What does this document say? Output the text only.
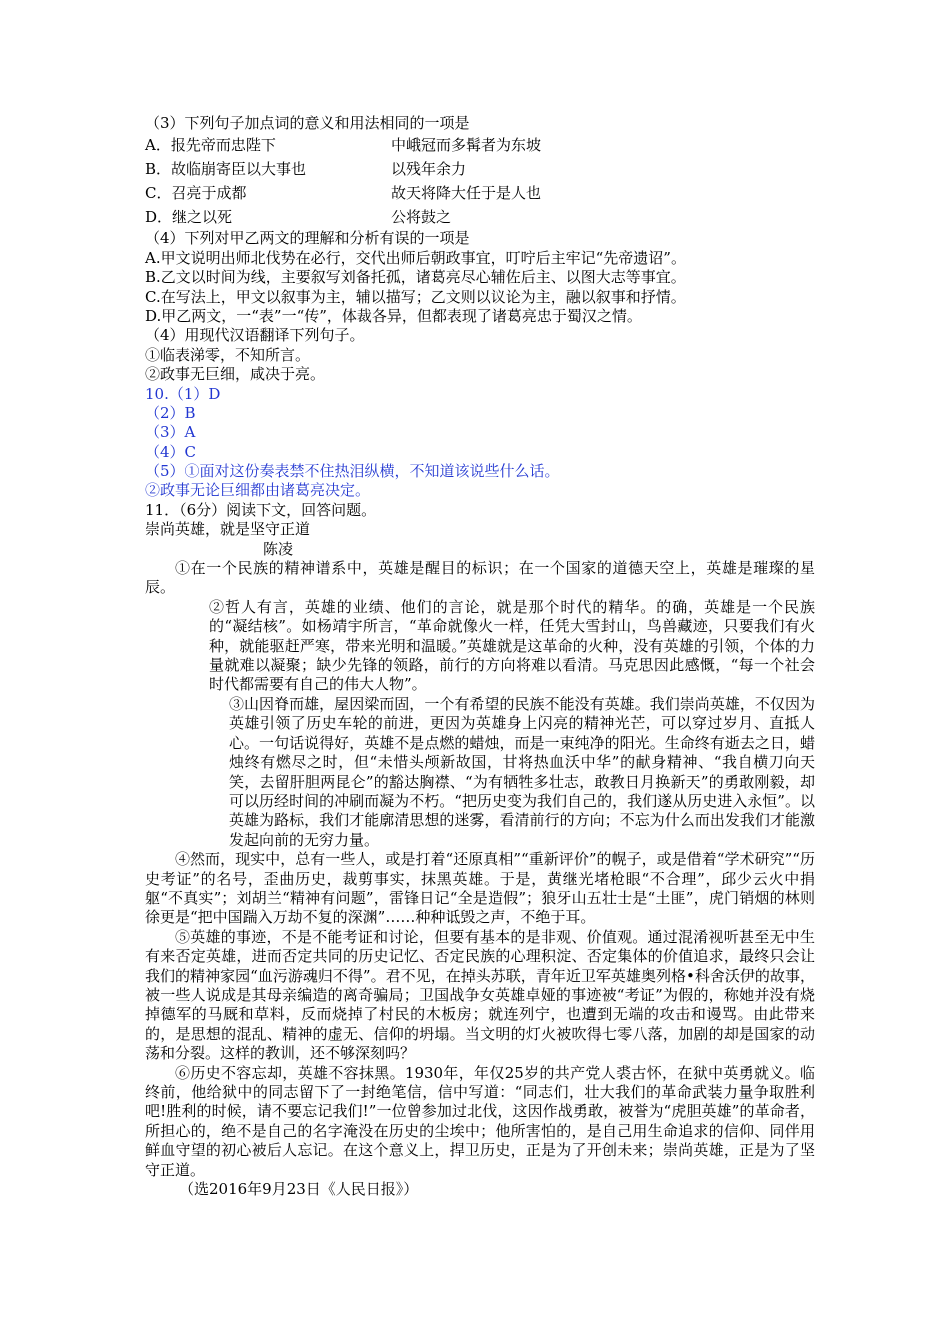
（3）下列句子加点词的意义和用法相同的一项是
A．报先帝而忠陛下	中峨冠而多髯者为东坡
B．故临崩寄臣以大事也	以残年余力
C．召亮于成都	故天将降大任于是人也
D．继之以死	公将鼓之
（4）下列对甲乙两文的理解和分析有误的一项是
A.甲文说明出师北伐势在必行，交代出师后朝政事宜，叮咛后主牢记“先帝遗诏”。
B.乙文以时间为线，主要叙写刘备托孤，诸葛亮尽心辅佐后主、以图大志等事宜。
C.在写法上，甲文以叙事为主，辅以描写；乙文则以议论为主，融以叙事和抒情。
D.甲乙两文，一“表”一“传”，体裁各异，但都表现了诸葛亮忠于蜀汉之情。
（4）用现代汉语翻译下列句子。
①临表涕零，不知所言。
②政事无巨细，咸决于亮。
10.（1）D
（2）B
（3）A
（4）C
（5）①面对这份奏表禁不住热泪纵横，不知道该说些什么话。
②政事无论巨细都由诸葛亮决定。
11．（6分）阅读下文，回答问题。
崇尚英雄，就是坚守正道
陈凌
①在一个民族的精神谱系中，英雄是醒目的标识；在一个国家的道德天空上，英雄是璀璨的星辰。
②哲人有言，英雄的业绩、他们的言论，就是那个时代的精华。的确，英雄是一个民族的“凝结核”。如杨靖宇所言，“革命就像火一样，任凭大雪封山，鸟兽藏迹，只要我们有火种，就能驱赶严寒，带来光明和温暖。”英雄就是这革命的火种，没有英雄的引领，个体的力量就难以凝聚；缺少先锋的领路，前行的方向将难以看清。马克思因此感慨，“每一个社会时代都需要有自己的伟大人物”。
③山因脊而雄，屋因梁而固，一个有希望的民族不能没有英雄。我们崇尚英雄，不仅因为英雄引领了历史车轮的前进，更因为英雄身上闪亮的精神光芒，可以穿过岁月、直抵人心。一句话说得好，英雄不是点燃的蜡烛，而是一束纯净的阳光。生命终有逝去之日，蜡烛终有燃尽之时，但“未惜头颅新故国，甘将热血沃中华”的献身精神、“我自横刀向天笑，去留肝胆两昆仑”的豁达胸襟、“为有牺牲多壮志，敢教日月换新天”的勇敢刚毅，却可以历经时间的冲刷而凝为不朽。“把历史变为我们自己的，我们遂从历史进入永恒”。以英雄为路标，我们才能廓清思想的迷雾，看清前行的方向；不忘为什么而出发我们才能激发起向前的无穷力量。
④然而，现实中，总有一些人，或是打着“还原真相”“重新评价”的幌子，或是借着“学术研究”“历史考证”的名号，歪曲历史，裁剪事实，抹黑英雄。于是，黄继光堵枪眼“不合理”，邱少云火中捐躯“不真实”；刘胡兰“精神有问题”，雷锋日记“全是造假”；狼牙山五壮士是“土匪”，虎门销烟的林则徐更是“把中国踹入万劫不复的深渊”……种种诋毁之声，不绝于耳。
⑤英雄的事迹，不是不能考证和讨论，但要有基本的是非观、价值观。通过混淆视听甚至无中生有来否定英雄，进而否定共同的历史记忆、否定民族的心理积淀、否定集体的价值追求，最终只会让我们的精神家园“血污游魂归不得”。君不见，在掉头苏联，青年近卫军英雄奥列格•科舍沃伊的故事，被一些人说成是其母亲编造的离奇骗局；卫国战争女英雄卓娅的事迹被“考证”为假的，称她并没有烧掉德军的马厩和草料，反而烧掉了村民的木板房；就连列宁，也遭到无端的攻击和谩骂。由此带来的，是思想的混乱、精神的虚无、信仰的坍塌。当文明的灯火被吹得七零八落，加剧的却是国家的动荡和分裂。这样的教训，还不够深刻吗？
⑥历史不容忘却，英雄不容抹黑。1930年，年仅25岁的共产党人裘古怀，在狱中英勇就义。临终前，他给狱中的同志留下了一封绝笔信，信中写道：“同志们，壮大我们的革命武装力量争取胜利吧!胜利的时候，请不要忘记我们!”一位曾参加过北伐，这因作战勇敢，被誉为“虎胆英雄”的革命者，所担心的，绝不是自己的名字淹没在历史的尘埃中；他所害怕的，是自己用生命追求的信仰、同伴用鲜血守望的初心被后人忘记。在这个意义上，捍卫历史，正是为了开创未来；崇尚英雄，正是为了坚守正道。
（选2016年9月23日《人民日报》）
